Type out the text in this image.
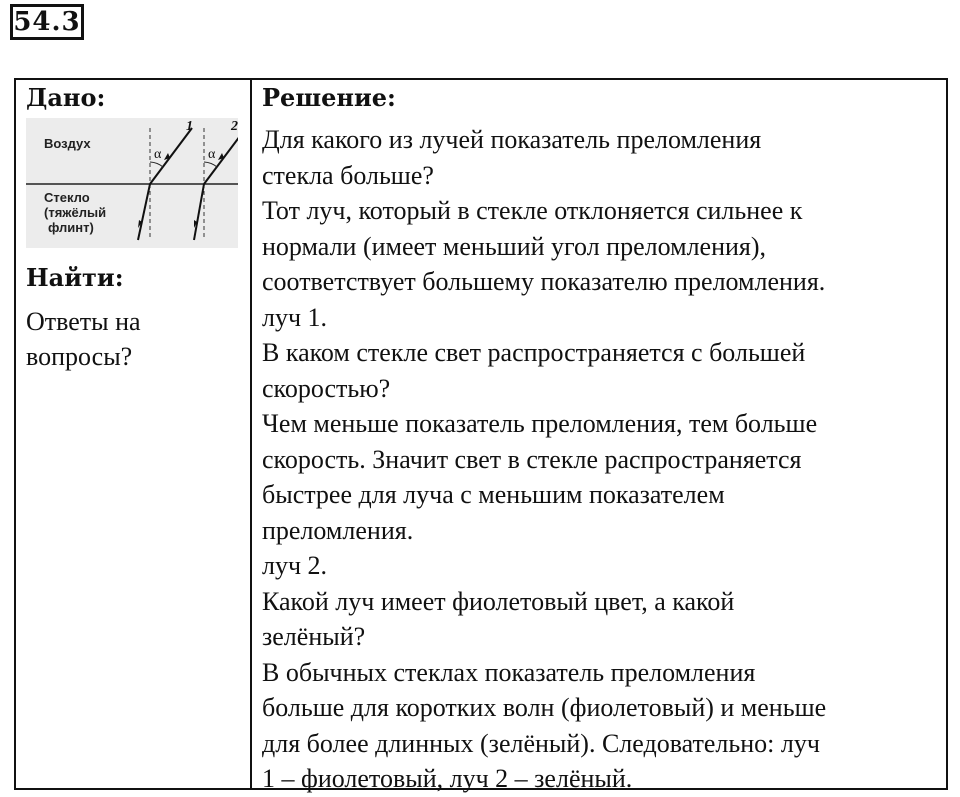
54.3
Дано:
Воздух
Стекло
(тяжёлый
флинт)
1	2
α	α
Найти:
Ответы на
вопросы?
Решение:
Для какого из лучей показатель преломления
стекла больше?
Тот луч, который в стекле отклоняется сильнее к
нормали (имеет меньший угол преломления),
соответствует большему показателю преломления.
луч 1.
В каком стекле свет распространяется с большей
скоростью?
Чем меньше показатель преломления, тем больше
скорость. Значит свет в стекле распространяется
быстрее для луча с меньшим показателем
преломления.
луч 2.
Какой луч имеет фиолетовый цвет, а какой
зелёный?
В обычных стеклах показатель преломления
больше для коротких волн (фиолетовый) и меньше
для более длинных (зелёный). Следовательно: луч
1 – фиолетовый, луч 2 – зелёный.
